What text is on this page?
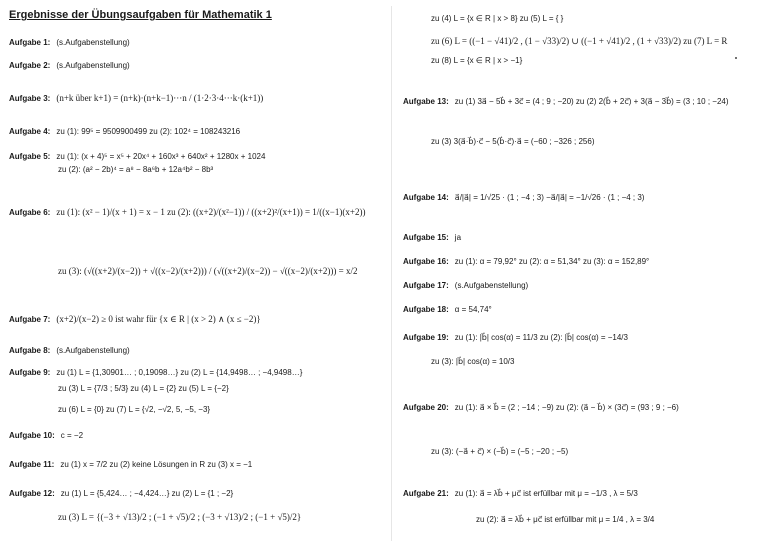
Ergebnisse der Übungsaufgaben für Mathematik 1
Aufgabe 1: (s.Aufgabenstellung)
Aufgabe 2: (s.Aufgabenstellung)
Aufgabe 3: (n+k über k+1) = (n+k)·(n+k−1)···n / (1·2·3·4···k·(k+1))
Aufgabe 4: zu (1): 99⁵ = 9509900499 zu (2): 102⁴ = 108243216
Aufgabe 5: zu (1): (x + 4)⁵ = x⁵ + 20x⁴ + 160x³ + 640x² + 1280x + 1024
zu (2): (a² − 2b)⁴ = a⁸ − 8a⁶b + 12a⁴b² − 8b³
Aufgabe 6: zu (1): (x² − 1)/(x + 1) = x − 1 zu (2): ((x+2)/(x²−1)) / ((x+2)²/(x+1)) = 1/((x−1)(x+2))
zu (3): (√((x+2)/(x−2)) + √((x−2)/(x+2))) / (√((x+2)/(x−2)) − √((x−2)/(x+2))) = x/2
Aufgabe 7: (x+2)/(x−2) ≥ 0 ist wahr für {x ∈ R | (x > 2) ∧ (x ≤ −2)}
Aufgabe 8: (s.Aufgabenstellung)
Aufgabe 9: zu (1) L = {1,30901… ; 0,19098…} zu (2) L = {14,9498… ; −4,9498…}
zu (3) L = {7/3 ; 5/3} zu (4) L = {2} zu (5) L = {−2}
zu (6) L = {0} zu (7) L = {√2, −√2, 5, −5, −3}
Aufgabe 10: c = −2
Aufgabe 11: zu (1) x = 7/2 zu (2) keine Lösungen in R zu (3) x = −1
Aufgabe 12: zu (1) L = {5,424… ; −4,424…} zu (2) L = {1 ; −2}
zu (3) L = {(−3 + √13)/2 ; (−1 + √5)/2 ; (−3 + √13)/2 ; (−1 + √5)/2}
zu (4) L = {x ∈ R | x > 8} zu (5) L = { }
zu (6) L = ((−1 − √41)/2 , (1 − √33)/2) ∪ ((−1 + √41)/2 , (1 + √33)/2) zu (7) L = R
zu (8) L = {x ∈ R | x > −1}
Aufgabe 13: zu (1) 3a⃗ − 5b⃗ + 3c⃗ = (4 ; 9 ; −20) zu (2) 2(b⃗ + 2c⃗) + 3(a⃗ − 3b⃗) = (3 ; 10 ; −24)
zu (3) 3(a⃗·b⃗)·c⃗ − 5(b⃗·c⃗)·a⃗ = (−60 ; −326 ; 256)
Aufgabe 14: a⃗/|a⃗| = 1/√25 · (1 ; −4 ; 3) −a⃗/|a⃗| = −1/√26 · (1 ; −4 ; 3)
Aufgabe 15: ja
Aufgabe 16: zu (1): α = 79,92° zu (2): α = 51,34° zu (3): α = 152,89°
Aufgabe 17: (s.Aufgabenstellung)
Aufgabe 18: α = 54,74°
Aufgabe 19: zu (1): |b⃗| cos(α) = 11/3 zu (2): |b⃗| cos(α) = −14/3
zu (3): |b⃗| cos(α) = 10/3
Aufgabe 20: zu (1): a⃗ × b⃗ = (2 ; −14 ; −9) zu (2): (a⃗ − b⃗) × (3c⃗) = (93 ; 9 ; −6)
zu (3): (−a⃗ + c⃗) × (−b⃗) = (−5 ; −20 ; −5)
Aufgabe 21: zu (1): a⃗ = λb⃗ + μc⃗ ist erfüllbar mit μ = −1/3 , λ = 5/3
zu (2): a⃗ = λb⃗ + μc⃗ ist erfüllbar mit μ = 1/4 , λ = 3/4
